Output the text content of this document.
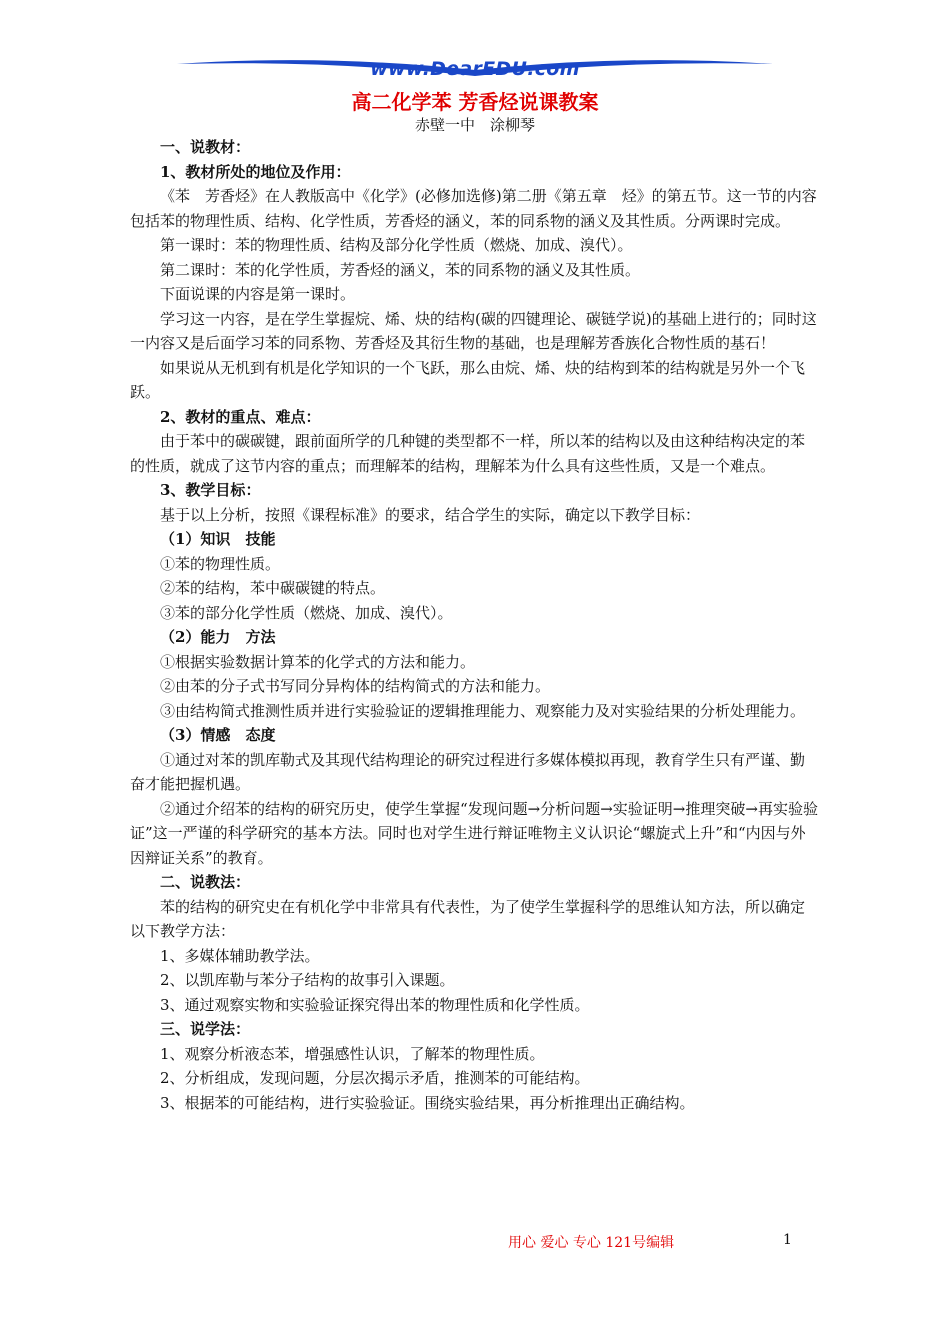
www.DearEDU.com
高二化学苯 芳香烃说课教案
赤壁一中　涂柳琴

一、说教材：

1、教材所处的地位及作用：

《苯　芳香烃》在人教版高中《化学》(必修加选修)第二册《第五章　烃》的第五节。这一节的内容包括苯的物理性质、结构、化学性质，芳香烃的涵义，苯的同系物的涵义及其性质。分两课时完成。

第一课时：苯的物理性质、结构及部分化学性质（燃烧、加成、溴代）。

第二课时：苯的化学性质，芳香烃的涵义，苯的同系物的涵义及其性质。

下面说课的内容是第一课时。

学习这一内容，是在学生掌握烷、烯、炔的结构(碳的四键理论、碳链学说)的基础上进行的；同时这一内容又是后面学习苯的同系物、芳香烃及其衍生物的基础，也是理解芳香族化合物性质的基石！

如果说从无机到有机是化学知识的一个飞跃，那么由烷、烯、炔的结构到苯的结构就是另外一个飞跃。

2、教材的重点、难点：

由于苯中的碳碳键，跟前面所学的几种键的类型都不一样，所以苯的结构以及由这种结构决定的苯的性质，就成了这节内容的重点；而理解苯的结构，理解苯为什么具有这些性质，又是一个难点。

3、教学目标：

基于以上分析，按照《课程标准》的要求，结合学生的实际，确定以下教学目标：

（1）知识　技能

①苯的物理性质。

②苯的结构，苯中碳碳键的特点。

③苯的部分化学性质（燃烧、加成、溴代）。

（2）能力　方法

①根据实验数据计算苯的化学式的方法和能力。

②由苯的分子式书写同分异构体的结构简式的方法和能力。

③由结构简式推测性质并进行实验验证的逻辑推理能力、观察能力及对实验结果的分析处理能力。

（3）情感　态度

①通过对苯的凯库勒式及其现代结构理论的研究过程进行多媒体模拟再现，教育学生只有严谨、勤奋才能把握机遇。

②通过介绍苯的结构的研究历史，使学生掌握“发现问题→分析问题→实验证明→推理突破→再实验验证”这一严谨的科学研究的基本方法。同时也对学生进行辩证唯物主义认识论“螺旋式上升”和“内因与外因辩证关系”的教育。

二、说教法：

苯的结构的研究史在有机化学中非常具有代表性，为了使学生掌握科学的思维认知方法，所以确定以下教学方法：

1、多媒体辅助教学法。

2、以凯库勒与苯分子结构的故事引入课题。

3、通过观察实物和实验验证探究得出苯的物理性质和化学性质。

三、说学法：

1、观察分析液态苯，增强感性认识，了解苯的物理性质。

2、分析组成，发现问题，分层次揭示矛盾，推测苯的可能结构。

3、根据苯的可能结构，进行实验验证。围绕实验结果，再分析推理出正确结构。

用心 爱心 专心 121号编辑	1
